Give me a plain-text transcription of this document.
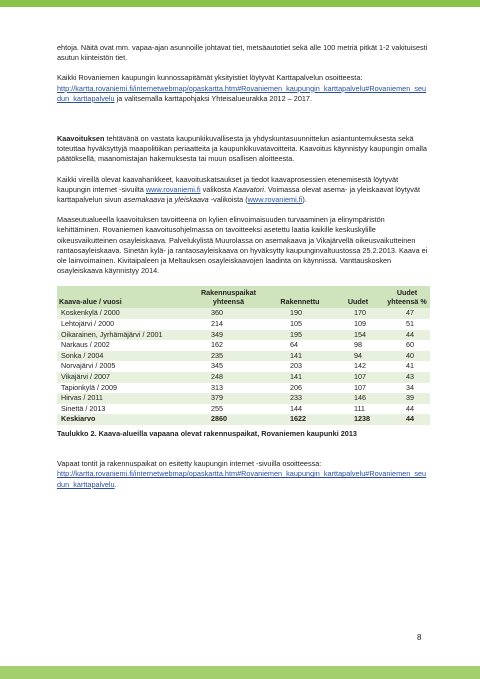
ehtoja. Näitä ovat mm. vapaa-ajan asunnoille johtavat tiet, metsäautotiet sekä alle 100 metriä pitkät 1-2 vakituisesti asutun kiinteistön tiet.

Kaikki Rovaniemen kaupungin kunnossapitämät yksityistiet löytyvät Karttapalvelun osoitteesta:
http://kartta.rovaniemi.fi/internetwebmap/opaskartta.htm#Rovaniemen_kaupungin_karttapalvelu#Rovaniemen_seudun_karttapalvelu ja valitsemalla karttapohjaksi Yhteisalueurakka 2012 – 2017.

Kaavoituksen tehtävänä on vastata kaupunkikuvallisesta ja yhdyskuntasuunnittelun asiantuntemuksesta sekä toteuttaa hyväksyttyjä maapolitiikan periaatteita ja kaupunkikuvatavoitteita. Kaavoitus käynnistyy kaupungin omalla päätöksellä, maanomistajan hakemuksesta tai muun osallisen aloitteesta.

Kaikki vireillä olevat kaavahankkeet, kaavoituskatsaukset ja tiedot kaavaprosessien etenemisestä löytyvät kaupungin internet -sivuilta www.rovaniemi.fi valikosta Kaavatori. Voimassa olevat asema- ja yleiskaavat löytyvät karttapalvelun sivun asemakaava ja yleiskaava -valikoista (www.rovaniemi.fi).

Maaseutualueella kaavoituksen tavoitteena on kylien elinvoimaisuuden turvaaminen ja elinympäristön kehittäminen. Rovaniemen kaavoitusohjelmassa on tavoitteeksi asetettu laatia kaikille keskuskylille oikeusvaikutteinen osayleiskaava. Palvelukylistä Muurolassa on asemakaava ja Vikajärvellä oikeusvaikutteinen rantaosayleiskaava. Sinetän kylä- ja rantaosayleiskaava on hyväksytty kaupunginvaltuustossa 25.2.2013. Kaava ei ole lainvoimainen. Kivitaipaleen ja Meltauksen osayleiskaavojen laadinta on käynnissä. Vanttauskosken osayleiskaava käynnistyy 2014.

Kaava-alue / vuosi	Rakennuspaikat yhteensä	Rakennettu	Uudet	Uudet yhteensä %
Koskenkylä / 2000	360	190	170	47
Lehtojärvi / 2000	214	105	109	51
Oikarainen, Jyrhämäjärvi / 2001	349	195	154	44
Narkaus / 2002	162	64	98	60
Sonka / 2004	235	141	94	40
Norvajärvi / 2005	345	203	142	41
Vikajärvi / 2007	248	141	107	43
Tapionkylä / 2009	313	206	107	34
Hirvas / 2011	379	233	146	39
Sinettä / 2013	255	144	111	44
Keskiarvo	2860	1622	1238	44
Taulukko 2. Kaava-alueilla vapaana olevat rakennuspaikat, Rovaniemen kaupunki 2013

Vapaat tontit ja rakennuspaikat on esitetty kaupungin internet -sivuilla osoitteessa:
http://kartta.rovaniemi.fi/internetwebmap/opaskartta.htm#Rovaniemen_kaupungin_karttapalvelu#Rovaniemen_seudun_karttapalvelu.

8
